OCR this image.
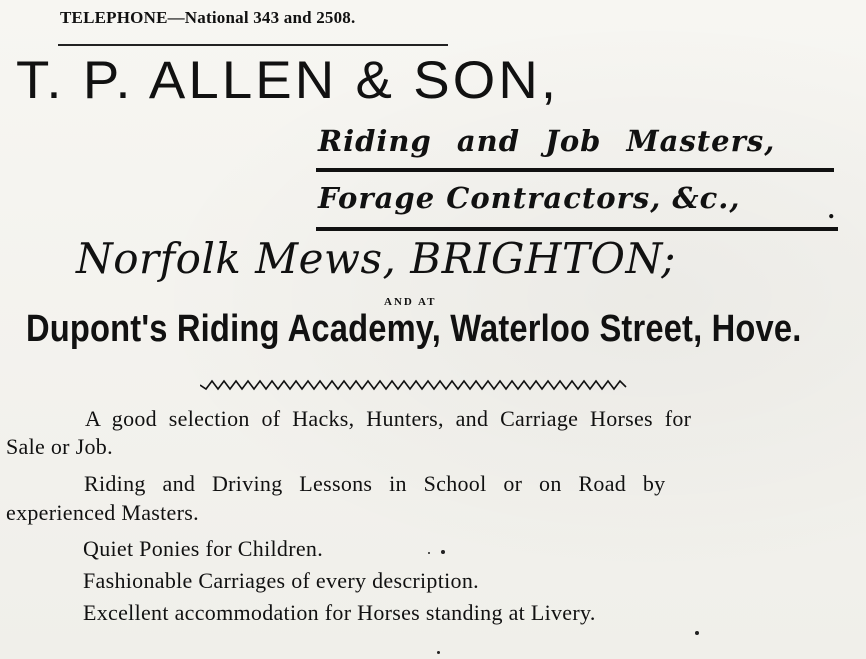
TELEPHONE—National 343 and 2508.
T. P. ALLEN & SON,
Riding and Job Masters,
Forage Contractors, &c.,	.
Norfolk Mews, BRIGHTON;
AND AT
Dupont's Riding Academy, Waterloo Street, Hove.
A good selection of Hacks, Hunters, and Carriage Horses for
Sale or Job.
Riding and Driving Lessons in School or on Road by
experienced Masters.
Quiet Ponies for Children.
Fashionable Carriages of every description.
Excellent accommodation for Horses standing at Livery.
